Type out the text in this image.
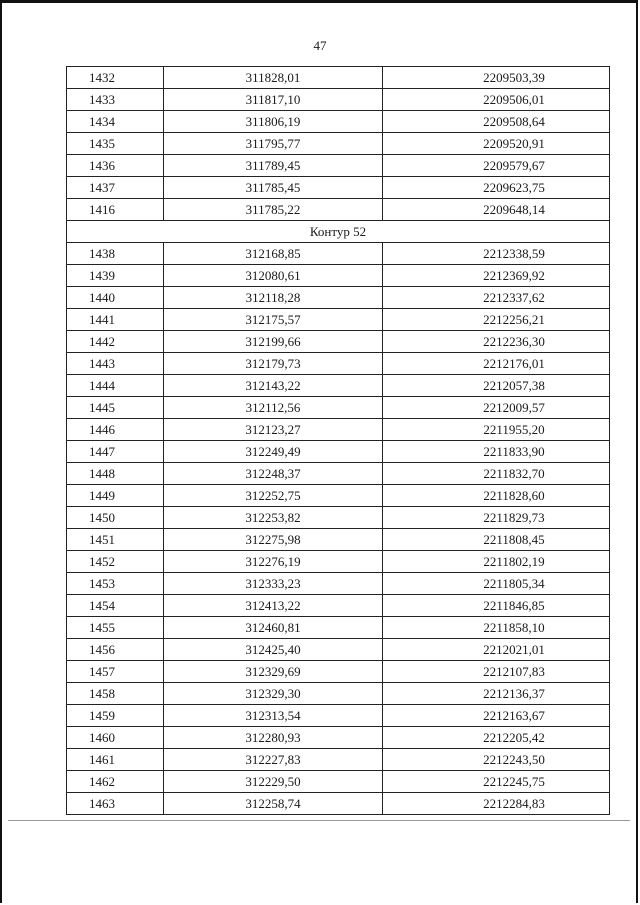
47
1432	311828,01	2209503,39
1433	311817,10	2209506,01
1434	311806,19	2209508,64
1435	311795,77	2209520,91
1436	311789,45	2209579,67
1437	311785,45	2209623,75
1416	311785,22	2209648,14
Контур 52		
1438	312168,85	2212338,59
1439	312080,61	2212369,92
1440	312118,28	2212337,62
1441	312175,57	2212256,21
1442	312199,66	2212236,30
1443	312179,73	2212176,01
1444	312143,22	2212057,38
1445	312112,56	2212009,57
1446	312123,27	2211955,20
1447	312249,49	2211833,90
1448	312248,37	2211832,70
1449	312252,75	2211828,60
1450	312253,82	2211829,73
1451	312275,98	2211808,45
1452	312276,19	2211802,19
1453	312333,23	2211805,34
1454	312413,22	2211846,85
1455	312460,81	2211858,10
1456	312425,40	2212021,01
1457	312329,69	2212107,83
1458	312329,30	2212136,37
1459	312313,54	2212163,67
1460	312280,93	2212205,42
1461	312227,83	2212243,50
1462	312229,50	2212245,75
1463	312258,74	2212284,83
